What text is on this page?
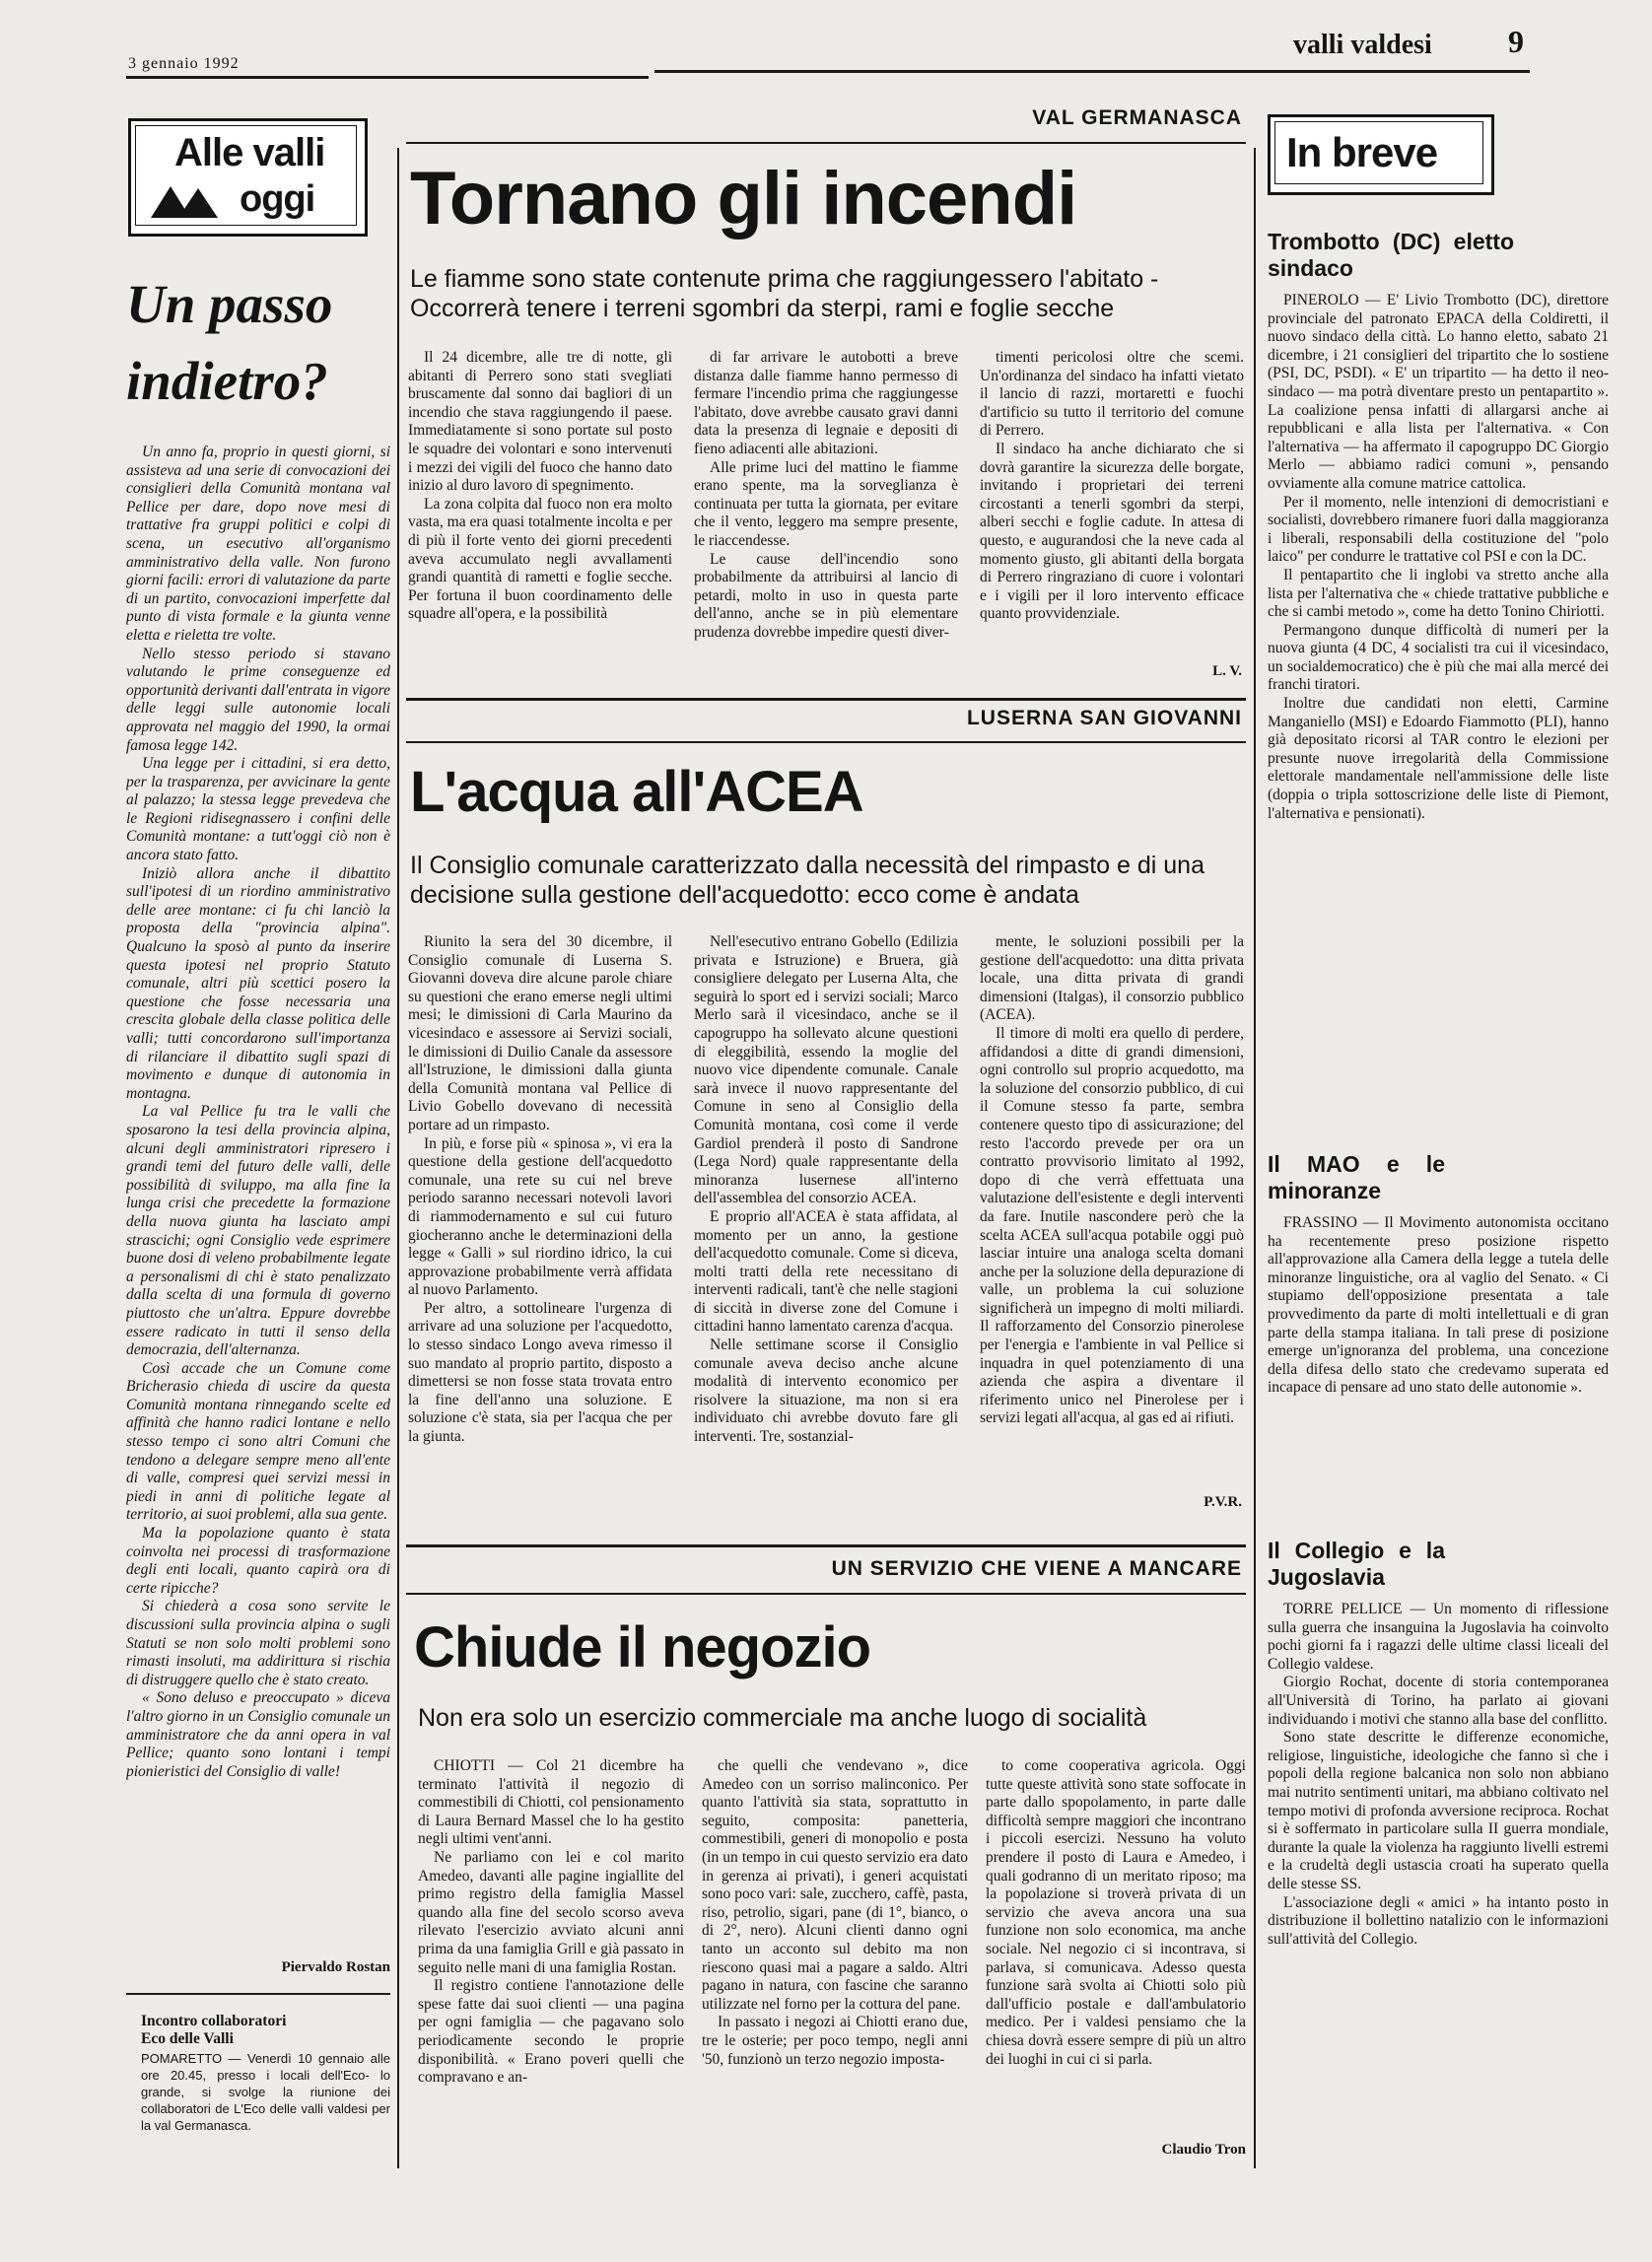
3 gennaio 1992
valli valdesi 9
Alle valli
oggi
Un passo indietro?

Un anno fa, proprio in questi giorni, si assisteva ad una serie di convocazioni dei consiglieri della Comunità montana val Pellice per dare, dopo nove mesi di trattative fra gruppi politici e colpi di scena, un esecutivo all'organismo amministrativo della valle. Non furono giorni facili: errori di valutazione da parte di un partito, convocazioni imperfette dal punto di vista formale e la giunta venne eletta e rieletta tre volte.

Nello stesso periodo si stavano valutando le prime conseguenze ed opportunità derivanti dall'entrata in vigore delle leggi sulle autonomie locali approvata nel maggio del 1990, la ormai famosa legge 142.

Una legge per i cittadini, si era detto, per la trasparenza, per avvicinare la gente al palazzo; la stessa legge prevedeva che le Regioni ridisegnassero i confini delle Comunità montane: a tutt'oggi ciò non è ancora stato fatto.

Iniziò allora anche il dibattito sull'ipotesi di un riordino amministrativo delle aree montane: ci fu chi lanciò la proposta della "provincia alpina". Qualcuno la sposò al punto da inserire questa ipotesi nel proprio Statuto comunale, altri più scettici posero la questione che fosse necessaria una crescita globale della classe politica delle valli; tutti concordarono sull'importanza di rilanciare il dibattito sugli spazi di movimento e dunque di autonomia in montagna.

La val Pellice fu tra le valli che sposarono la tesi della provincia alpina, alcuni degli amministratori ripresero i grandi temi del futuro delle valli, delle possibilità di sviluppo, ma alla fine la lunga crisi che precedette la formazione della nuova giunta ha lasciato ampi strascichi; ogni Consiglio vede esprimere buone dosi di veleno probabilmente legate a personalismi di chi è stato penalizzato dalla scelta di una formula di governo piuttosto che un'altra. Eppure dovrebbe essere radicato in tutti il senso della democrazia, dell'alternanza.

Così accade che un Comune come Bricherasio chieda di uscire da questa Comunità montana rinnegando scelte ed affinità che hanno radici lontane e nello stesso tempo ci sono altri Comuni che tendono a delegare sempre meno all'ente di valle, compresi quei servizi messi in piedi in anni di politiche legate al territorio, ai suoi problemi, alla sua gente.

Ma la popolazione quanto è stata coinvolta nei processi di trasformazione degli enti locali, quanto capirà ora di certe ripicche?

Si chiederà a cosa sono servite le discussioni sulla provincia alpina o sugli Statuti se non solo molti problemi sono rimasti insoluti, ma addirittura si rischia di distruggere quello che è stato creato.

« Sono deluso e preoccupato » diceva l'altro giorno in un Consiglio comunale un amministratore che da anni opera in val Pellice; quanto sono lontani i tempi pionieristici del Consiglio di valle!

Piervaldo Rostan
Incontro collaboratori
Eco delle Valli
POMARETTO — Venerdì 10 gennaio alle ore 20.45, presso i locali dell'Eco- lo grande, si svolge la riunione dei collaboratori de L'Eco delle valli valdesi per la val Germanasca.
VAL GERMANASCA
Tornano gli incendi
Le fiamme sono state contenute prima che raggiungessero l'abitato - Occorrerà tenere i terreni sgombri da sterpi, rami e foglie secche

Il 24 dicembre, alle tre di notte, gli abitanti di Perrero sono stati svegliati bruscamente dal sonno dai bagliori di un incendio che stava raggiungendo il paese. Immediatamente si sono portate sul posto le squadre dei volontari e sono intervenuti i mezzi dei vigili del fuoco che hanno dato inizio al duro lavoro di spegnimento.

La zona colpita dal fuoco non era molto vasta, ma era quasi totalmente incolta e per di più il forte vento dei giorni precedenti aveva accumulato negli avvallamenti grandi quantità di rametti e foglie secche. Per fortuna il buon coordinamento delle squadre all'opera, e la possibilità

di far arrivare le autobotti a breve distanza dalle fiamme hanno permesso di fermare l'incendio prima che raggiungesse l'abitato, dove avrebbe causato gravi danni data la presenza di legnaie e depositi di fieno adiacenti alle abitazioni.

Alle prime luci del mattino le fiamme erano spente, ma la sorveglianza è continuata per tutta la giornata, per evitare che il vento, leggero ma sempre presente, le riaccendesse.

Le cause dell'incendio sono probabilmente da attribuirsi al lancio di petardi, molto in uso in questa parte dell'anno, anche se in più elementare prudenza dovrebbe impedire questi diver-

timenti pericolosi oltre che scemi. Un'ordinanza del sindaco ha infatti vietato il lancio di razzi, mortaretti e fuochi d'artificio su tutto il territorio del comune di Perrero.

Il sindaco ha anche dichiarato che si dovrà garantire la sicurezza delle borgate, invitando i proprietari dei terreni circostanti a tenerli sgombri da sterpi, alberi secchi e foglie cadute. In attesa di questo, e augurandosi che la neve cada al momento giusto, gli abitanti della borgata di Perrero ringraziano di cuore i volontari e i vigili per il loro intervento efficace quanto provvidenziale.

L. V.
LUSERNA SAN GIOVANNI
L'acqua all'ACEA
Il Consiglio comunale caratterizzato dalla necessità del rimpasto e di una decisione sulla gestione dell'acquedotto: ecco come è andata

Riunito la sera del 30 dicembre, il Consiglio comunale di Luserna S. Giovanni doveva dire alcune parole chiare su questioni che erano emerse negli ultimi mesi; le dimissioni di Carla Maurino da vicesindaco e assessore ai Servizi sociali, le dimissioni di Duilio Canale da assessore all'Istruzione, le dimissioni dalla giunta della Comunità montana val Pellice di Livio Gobello dovevano di necessità portare ad un rimpasto.

In più, e forse più « spinosa », vi era la questione della gestione dell'acquedotto comunale, una rete su cui nel breve periodo saranno necessari notevoli lavori di riammodernamento e sul cui futuro giocheranno anche le determinazioni della legge « Galli » sul riordino idrico, la cui approvazione probabilmente verrà affidata al nuovo Parlamento.

Per altro, a sottolineare l'urgenza di arrivare ad una soluzione per l'acquedotto, lo stesso sindaco Longo aveva rimesso il suo mandato al proprio partito, disposto a dimettersi se non fosse stata trovata entro la fine dell'anno una soluzione. E soluzione c'è stata, sia per l'acqua che per la giunta.

Nell'esecutivo entrano Gobello (Edilizia privata e Istruzione) e Bruera, già consigliere delegato per Luserna Alta, che seguirà lo sport ed i servizi sociali; Marco Merlo sarà il vicesindaco, anche se il capogruppo ha sollevato alcune questioni di eleggibilità, essendo la moglie del nuovo vice dipendente comunale. Canale sarà invece il nuovo rappresentante del Comune in seno al Consiglio della Comunità montana, così come il verde Gardiol prenderà il posto di Sandrone (Lega Nord) quale rappresentante della minoranza lusernese all'interno dell'assemblea del consorzio ACEA.

E proprio all'ACEA è stata affidata, al momento per un anno, la gestione dell'acquedotto comunale. Come si diceva, molti tratti della rete necessitano di interventi radicali, tant'è che nelle stagioni di siccità in diverse zone del Comune i cittadini hanno lamentato carenza d'acqua.

Nelle settimane scorse il Consiglio comunale aveva deciso anche alcune modalità di intervento economico per risolvere la situazione, ma non si era individuato chi avrebbe dovuto fare gli interventi. Tre, sostanzial-

mente, le soluzioni possibili per la gestione dell'acquedotto: una ditta privata locale, una ditta privata di grandi dimensioni (Italgas), il consorzio pubblico (ACEA).

Il timore di molti era quello di perdere, affidandosi a ditte di grandi dimensioni, ogni controllo sul proprio acquedotto, ma la soluzione del consorzio pubblico, di cui il Comune stesso fa parte, sembra contenere questo tipo di assicurazione; del resto l'accordo prevede per ora un contratto provvisorio limitato al 1992, dopo di che verrà effettuata una valutazione dell'esistente e degli interventi da fare. Inutile nascondere però che la scelta ACEA sull'acqua potabile oggi può lasciar intuire una analoga scelta domani anche per la soluzione della depurazione di valle, un problema la cui soluzione significherà un impegno di molti miliardi. Il rafforzamento del Consorzio pinerolese per l'energia e l'ambiente in val Pellice si inquadra in quel potenziamento di una azienda che aspira a diventare il riferimento unico nel Pinerolese per i servizi legati all'acqua, al gas ed ai rifiuti.

P.V.R.
UN SERVIZIO CHE VIENE A MANCARE
Chiude il negozio
Non era solo un esercizio commerciale ma anche luogo di socialità

CHIOTTI — Col 21 dicembre ha terminato l'attività il negozio di commestibili di Chiotti, col pensionamento di Laura Bernard Massel che lo ha gestito negli ultimi vent'anni.

Ne parliamo con lei e col marito Amedeo, davanti alle pagine ingiallite del primo registro della famiglia Massel quando alla fine del secolo scorso aveva rilevato l'esercizio avviato alcuni anni prima da una famiglia Grill e già passato in seguito nelle mani di una famiglia Rostan.

Il registro contiene l'annotazione delle spese fatte dai suoi clienti — una pagina per ogni famiglia — che pagavano solo periodicamente secondo le proprie disponibilità. « Erano poveri quelli che compravano e an-

che quelli che vendevano », dice Amedeo con un sorriso malinconico. Per quanto l'attività sia stata, soprattutto in seguito, composita: panetteria, commestibili, generi di monopolio e posta (in un tempo in cui questo servizio era dato in gerenza ai privati), i generi acquistati sono poco vari: sale, zucchero, caffè, pasta, riso, petrolio, sigari, pane (di 1°, bianco, o di 2°, nero). Alcuni clienti danno ogni tanto un acconto sul debito ma non riescono quasi mai a pagare a saldo. Altri pagano in natura, con fascine che saranno utilizzate nel forno per la cottura del pane.

In passato i negozi ai Chiotti erano due, tre le osterie; per poco tempo, negli anni '50, funzionò un terzo negozio imposta-

to come cooperativa agricola. Oggi tutte queste attività sono state soffocate in parte dallo spopolamento, in parte dalle difficoltà sempre maggiori che incontrano i piccoli esercizi. Nessuno ha voluto prendere il posto di Laura e Amedeo, i quali godranno di un meritato riposo; ma la popolazione si troverà privata di un servizio che aveva ancora una sua funzione non solo economica, ma anche sociale. Nel negozio ci si incontrava, si parlava, si comunicava. Adesso questa funzione sarà svolta ai Chiotti solo più dall'ufficio postale e dall'ambulatorio medico. Per i valdesi pensiamo che la chiesa dovrà essere sempre di più un altro dei luoghi in cui ci si parla.

Claudio Tron
In breve

Trombotto (DC) eletto sindaco

PINEROLO — E' Livio Trombotto (DC), direttore provinciale del patronato EPACA della Coldiretti, il nuovo sindaco della città. Lo hanno eletto, sabato 21 dicembre, i 21 consiglieri del tripartito che lo sostiene (PSI, DC, PSDI). « E' un tripartito — ha detto il neo-sindaco — ma potrà diventare presto un pentapartito ». La coalizione pensa infatti di allargarsi anche ai repubblicani e alla lista per l'alternativa. « Con l'alternativa — ha affermato il capogruppo DC Giorgio Merlo — abbiamo radici comuni », pensando ovviamente alla comune matrice cattolica.

Per il momento, nelle intenzioni di democristiani e socialisti, dovrebbero rimanere fuori dalla maggioranza i liberali, responsabili della costituzione del "polo laico" per condurre le trattative col PSI e con la DC.

Il pentapartito che li inglobi va stretto anche alla lista per l'alternativa che « chiede trattative pubbliche e che si cambi metodo », come ha detto Tonino Chiriotti.

Permangono dunque difficoltà di numeri per la nuova giunta (4 DC, 4 socialisti tra cui il vicesindaco, un socialdemocratico) che è più che mai alla mercé dei franchi tiratori.

Inoltre due candidati non eletti, Carmine Manganiello (MSI) e Edoardo Fiammotto (PLI), hanno già depositato ricorsi al TAR contro le elezioni per presunte nuove irregolarità della Commissione elettorale mandamentale nell'ammissione delle liste (doppia o tripla sottoscrizione delle liste di Piemont, l'alternativa e pensionati).

Il MAO e le minoranze

FRASSINO — Il Movimento autonomista occitano ha recentemente preso posizione rispetto all'approvazione alla Camera della legge a tutela delle minoranze linguistiche, ora al vaglio del Senato. « Ci stupiamo dell'opposizione presentata a tale provvedimento da parte di molti intellettuali e di gran parte della stampa italiana. In tali prese di posizione emerge un'ignoranza del problema, una concezione della difesa dello stato che credevamo superata ed incapace di pensare ad uno stato delle autonomie ».

Il Collegio e la Jugoslavia

TORRE PELLICE — Un momento di riflessione sulla guerra che insanguina la Jugoslavia ha coinvolto pochi giorni fa i ragazzi delle ultime classi liceali del Collegio valdese.

Giorgio Rochat, docente di storia contemporanea all'Università di Torino, ha parlato ai giovani individuando i motivi che stanno alla base del conflitto.

Sono state descritte le differenze economiche, religiose, linguistiche, ideologiche che fanno sì che i popoli della regione balcanica non solo non abbiano mai nutrito sentimenti unitari, ma abbiano coltivato nel tempo motivi di profonda avversione reciproca. Rochat si è soffermato in particolare sulla II guerra mondiale, durante la quale la violenza ha raggiunto livelli estremi e la crudeltà degli ustascia croati ha superato quella delle stesse SS.

L'associazione degli « amici » ha intanto posto in distribuzione il bollettino natalizio con le informazioni sull'attività del Collegio.
